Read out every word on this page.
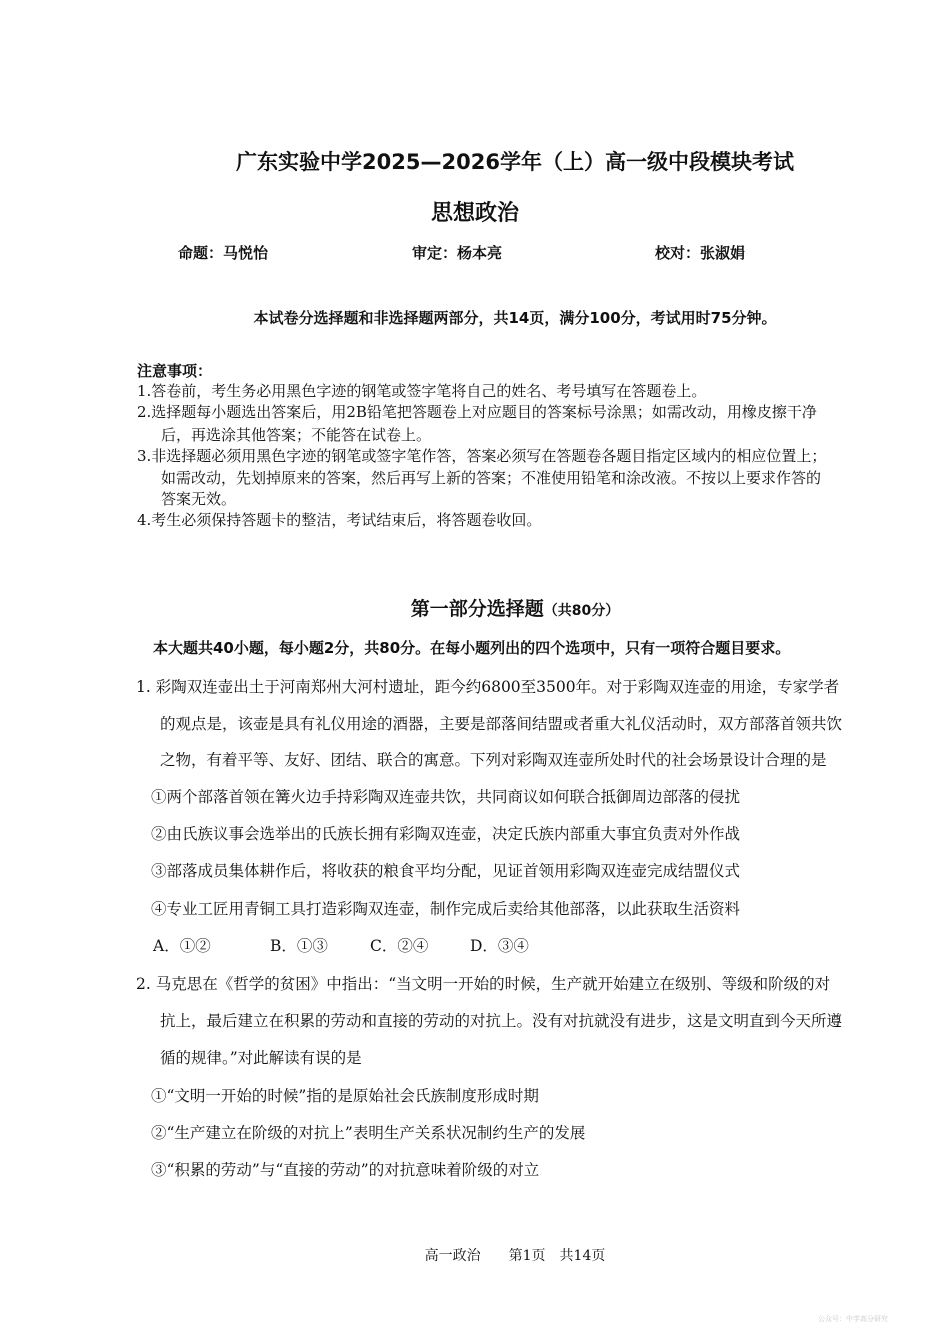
广东实验中学2025—2026学年（上）高一级中段模块考试
思想政治
命题：马悦怡	审定：杨本亮	校对：张淑娟
本试卷分选择题和非选择题两部分，共14页，满分100分，考试用时75分钟。
注意事项：
1.答卷前，考生务必用黑色字迹的钢笔或签字笔将自己的姓名、考号填写在答题卷上。
2.选择题每小题选出答案后，用2B铅笔把答题卷上对应题目的答案标号涂黑；如需改动，用橡皮擦干净
后，再选涂其他答案；不能答在试卷上。
3.非选择题必须用黑色字迹的钢笔或签字笔作答，答案必须写在答题卷各题目指定区域内的相应位置上；
如需改动，先划掉原来的答案，然后再写上新的答案；不准使用铅笔和涂改液。不按以上要求作答的
答案无效。
4.考生必须保持答题卡的整洁，考试结束后，将答题卷收回。
第一部分选择题（共80分）
本大题共40小题，每小题2分，共80分。在每小题列出的四个选项中，只有一项符合题目要求。
1. 彩陶双连壶出土于河南郑州大河村遗址，距今约6800至3500年。对于彩陶双连壶的用途，专家学者
的观点是，该壶是具有礼仪用途的酒器，主要是部落间结盟或者重大礼仪活动时，双方部落首领共饮
之物，有着平等、友好、团结、联合的寓意。下列对彩陶双连壶所处时代的社会场景设计合理的是
①两个部落首领在篝火边手持彩陶双连壶共饮，共同商议如何联合抵御周边部落的侵扰
②由氏族议事会选举出的氏族长拥有彩陶双连壶，决定氏族内部重大事宜负责对外作战
③部落成员集体耕作后，将收获的粮食平均分配，见证首领用彩陶双连壶完成结盟仪式
④专业工匠用青铜工具打造彩陶双连壶，制作完成后卖给其他部落，以此获取生活资料
A．①②	B．①③	C．②④	D．③④
2. 马克思在《哲学的贫困》中指出：“当文明一开始的时候，生产就开始建立在级别、等级和阶级的对
抗上，最后建立在积累的劳动和直接的劳动的对抗上。没有对抗就没有进步，这是文明直到今天所遵
循的规律。”对此解读有误的是
①“文明一开始的时候”指的是原始社会氏族制度形成时期
②“生产建立在阶级的对抗上”表明生产关系状况制约生产的发展
③“积累的劳动”与“直接的劳动”的对抗意味着阶级的对立
高一政治 第1页 共14页
公众号：中学高分研究
